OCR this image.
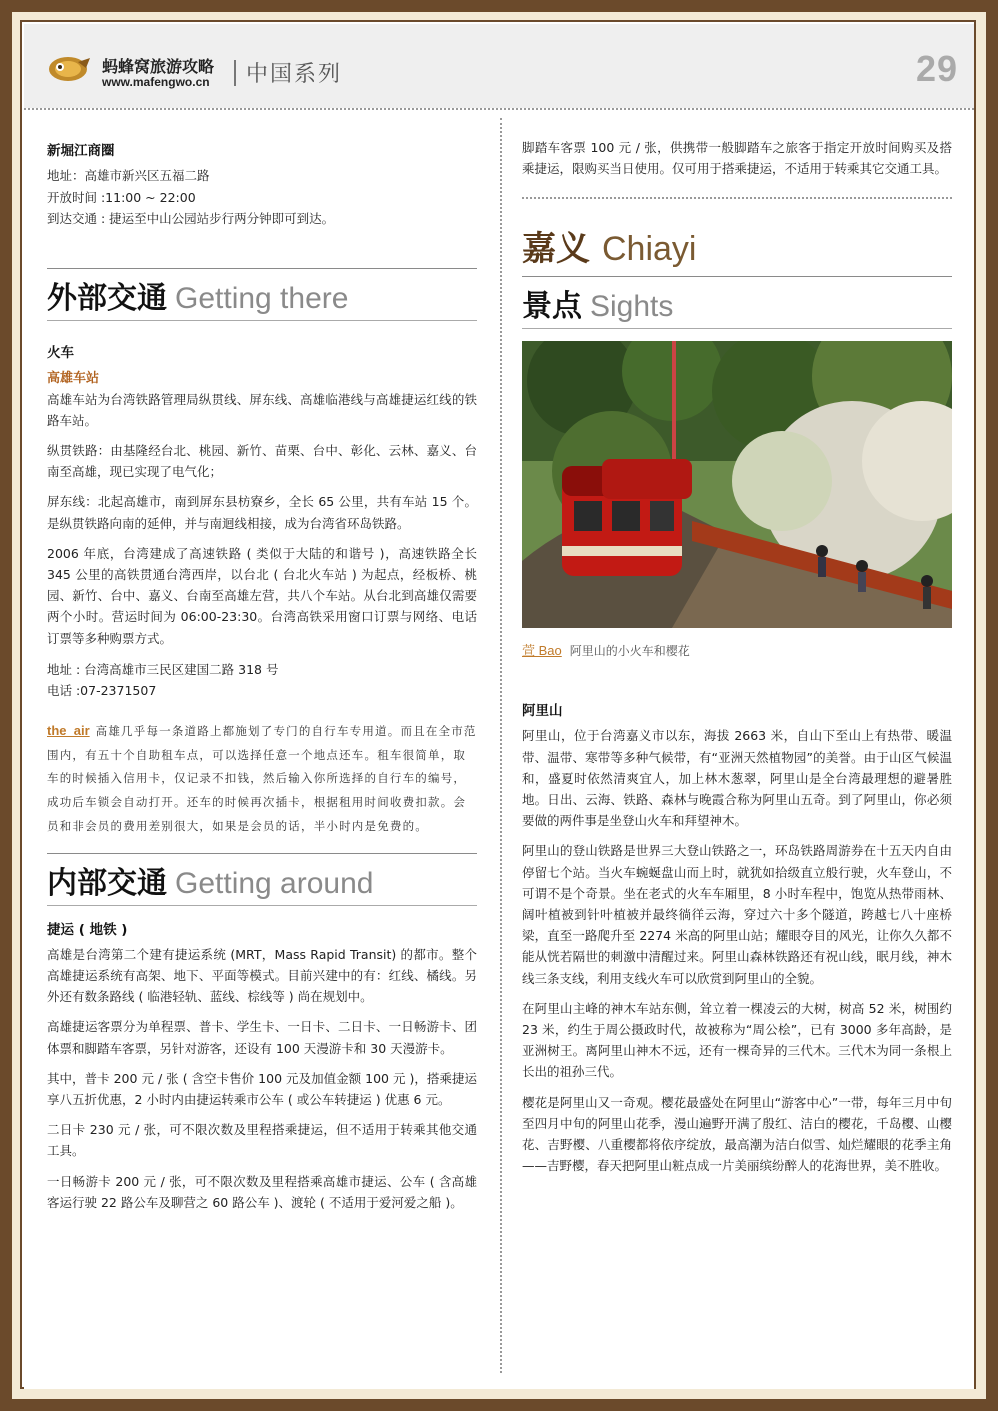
蚂蜂窝旅游攻略
www.mafengwo.cn 中国系列	29
新堀江商圈
地址：高雄市新兴区五福二路
开放时间 :11:00 ~ 22:00
到达交通 : 捷运至中山公园站步行两分钟即可到达。
外部交通 Getting there
火车
高雄车站

高雄车站为台湾铁路管理局纵贯线、屏东线、高雄临港线与高雄捷运红线的铁路车站。

纵贯铁路：由基隆经台北、桃园、新竹、苗栗、台中、彰化、云林、嘉义、台南至高雄，现已实现了电气化；

屏东线：北起高雄市，南到屏东县枋寮乡，全长 65 公里，共有车站 15 个。是纵贯铁路向南的延伸，并与南迴线相接，成为台湾省环岛铁路。

2006 年底，台湾建成了高速铁路 ( 类似于大陆的和谐号 )，高速铁路全长 345 公里的高铁贯通台湾西岸，以台北 ( 台北火车站 ) 为起点，经板桥、桃园、新竹、台中、嘉义、台南至高雄左营，共八个车站。从台北到高雄仅需要两个小时。营运时间为 06:00-23:30。台湾高铁采用窗口订票与网络、电话订票等多种购票方式。

地址 : 台湾高雄市三民区建国二路 318 号
电话 :07-2371507
the_air 高雄几乎每一条道路上都施划了专门的自行车专用道。而且在全市范围内，有五十个自助租车点，可以选择任意一个地点还车。租车很简单，取车的时候插入信用卡，仅记录不扣钱，然后输入你所选择的自行车的编号，成功后车锁会自动打开。还车的时候再次插卡，根据租用时间收费扣款。会员和非会员的费用差别很大，如果是会员的话，半小时内是免费的。
内部交通 Getting around
捷运 ( 地铁 )

高雄是台湾第二个建有捷运系统 (MRT，Mass Rapid Transit) 的都市。整个高雄捷运系统有高架、地下、平面等模式。目前兴建中的有：红线、橘线。另外还有数条路线 ( 临港轻轨、蓝线、棕线等 ) 尚在规划中。

高雄捷运客票分为单程票、普卡、学生卡、一日卡、二日卡、一日畅游卡、团体票和脚踏车客票，另针对游客，还设有 100 天漫游卡和 30 天漫游卡。

其中，普卡 200 元 / 张 ( 含空卡售价 100 元及加值金额 100 元 )，搭乘捷运享八五折优惠，2 小时内由捷运转乘市公车 ( 或公车转捷运 ) 优惠 6 元。

二日卡 230 元 / 张，可不限次数及里程搭乘捷运，但不适用于转乘其他交通工具。

一日畅游卡 200 元 / 张，可不限次数及里程搭乘高雄市捷运、公车 ( 含高雄客运行驶 22 路公车及聊营之 60 路公车 )、渡轮 ( 不适用于爱河爱之船 )。

脚踏车客票 100 元 / 张，供携带一般脚踏车之旅客于指定开放时间购买及搭乘捷运，限购买当日使用。仅可用于搭乘捷运，不适用于转乘其它交通工具。

嘉义 Chiayi
景点 Sights
萱 Bao 阿里山的小火车和樱花
阿里山

阿里山，位于台湾嘉义市以东，海拔 2663 米，自山下至山上有热带、暖温带、温带、寒带等多种气候带，有“亚洲天然植物园”的美誉。由于山区气候温和，盛夏时依然清爽宜人，加上林木葱翠，阿里山是全台湾最理想的避暑胜地。日出、云海、铁路、森林与晚霞合称为阿里山五奇。到了阿里山，你必须要做的两件事是坐登山火车和拜望神木。

阿里山的登山铁路是世界三大登山铁路之一，环岛铁路周游券在十五天内自由停留七个站。当火车蜿蜒盘山而上时，就犹如拾级直立般行驶，火车登山，不可谓不是个奇景。坐在老式的火车车厢里，8 小时车程中，饱览从热带雨林、阔叶植被到针叶植被并最终徜徉云海，穿过六十多个隧道，跨越七八十座桥梁，直至一路爬升至 2274 米高的阿里山站；耀眼夺目的风光，让你久久都不能从恍若隔世的刺激中清醒过来。阿里山森林铁路还有祝山线，眠月线，神木线三条支线，利用支线火车可以欣赏到阿里山的全貌。

在阿里山主峰的神木车站东侧，耸立着一棵凌云的大树，树高 52 米，树围约 23 米，约生于周公摄政时代，故被称为“周公桧”，已有 3000 多年高龄，是亚洲树王。离阿里山神木不远，还有一棵奇异的三代木。三代木为同一条根上长出的祖孙三代。

樱花是阿里山又一奇观。樱花最盛处在阿里山“游客中心”一带，每年三月中旬至四月中旬的阿里山花季，漫山遍野开满了殷红、洁白的樱花，千岛樱、山樱花、吉野樱、八重樱都将依序绽放，最高潮为洁白似雪、灿烂耀眼的花季主角——吉野樱，春天把阿里山粧点成一片美丽缤纷醉人的花海世界，美不胜收。
